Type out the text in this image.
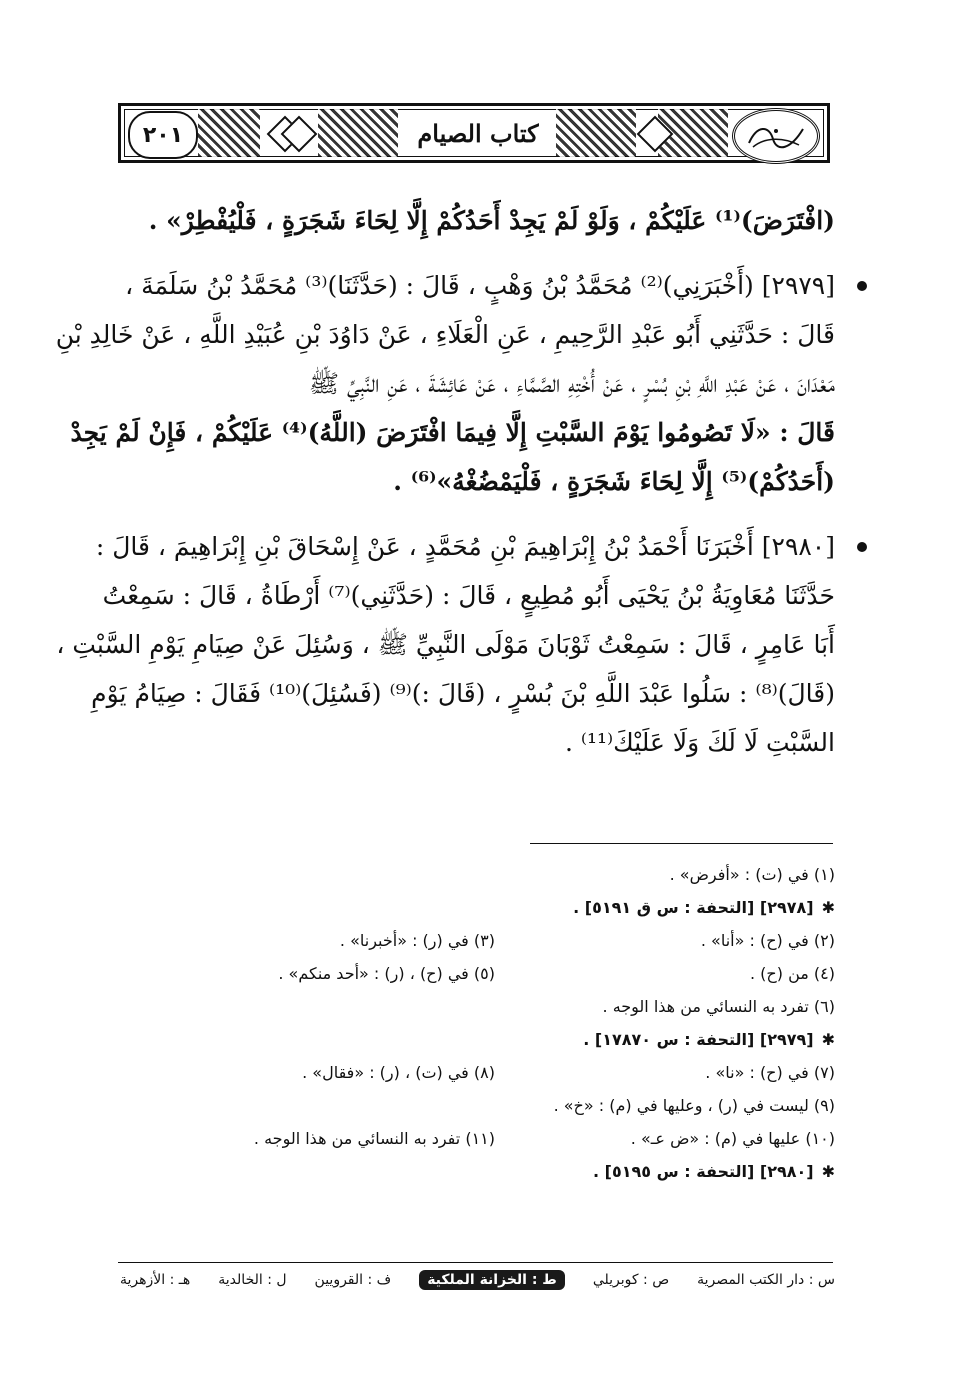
٢٠١	كتاب الصيام
(افْتَرَضَ)⁽¹⁾ عَلَيْكُمْ ، وَلَوْ لَمْ يَجِدْ أَحَدُكُمْ إِلَّا لِحَاءَ شَجَرَةٍ ، فَلْيُفْطِرْ» .
[٢٩٧٩] (أَخْبَرَنِي)⁽²⁾ مُحَمَّدُ بْنُ وَهْبٍ ، قَالَ : (حَدَّثَنَا)⁽³⁾ مُحَمَّدُ بْنُ سَلَمَةَ ،
قَالَ : حَدَّثَنِي أَبُو عَبْدِ الرَّحِيمِ ، عَنِ الْعَلَاءِ ، عَنْ دَاوُدَ بْنِ عُبَيْدِ اللَّهِ ، عَنْ خَالِدِ بْنِ
مَعْدَانَ ، عَنْ عَبْدِ اللَّهِ بْنِ بُسْرٍ ، عَنْ أُخْتِهِ الصَّمَّاءِ ، عَنْ عَائِشَةَ ، عَنِ النَّبِيِّ ﷺ
قَالَ : «لَا تَصُومُوا يَوْمَ السَّبْتِ إِلَّا فِيمَا افْتَرَضَ (اللَّهُ)⁽⁴⁾ عَلَيْكُمْ ، فَإِنْ لَمْ يَجِدْ
(أَحَدُكُمْ)⁽⁵⁾ إِلَّا لِحَاءَ شَجَرَةٍ ، فَلْيَمْضُغْهُ»⁽⁶⁾ .
[٢٩٨٠] أَخْبَرَنَا أَحْمَدُ بْنُ إِبْرَاهِيمَ بْنِ مُحَمَّدٍ ، عَنْ إِسْحَاقَ بْنِ إِبْرَاهِيمَ ، قَالَ :
حَدَّثَنَا مُعَاوِيَةُ بْنُ يَحْيَى أَبُو مُطِيعٍ ، قَالَ : (حَدَّثَنِي)⁽⁷⁾ أَرْطَاةُ ، قَالَ : سَمِعْتُ
أَبَا عَامِرٍ ، قَالَ : سَمِعْتُ ثَوْبَانَ مَوْلَى النَّبِيِّ ﷺ ، وَسُئِلَ عَنْ صِيَامِ يَوْمِ السَّبْتِ ،
(قَالَ)⁽⁸⁾ : سَلُوا عَبْدَ اللَّهِ بْنَ بُسْرٍ ، (قَالَ :)⁽⁹⁾ (فَسُئِلَ)⁽¹⁰⁾ فَقَالَ : صِيَامُ يَوْمِ
السَّبْتِ لَا لَكَ وَلَا عَلَيْكَ⁽¹¹⁾ .
(١) في (ت) : «أفرض» .
✱
[٢٩٧٨] [التحفة : س ق ٥١٩١] .
(٢) في (ح) : «أنا» .
(٣) في (ر) : «أخبرنا» .
(٤) من (ح) .
(٥) في (ح) ، (ر) : «أحد منكم» .
(٦) تفرد به النسائي من هذا الوجه .
✱
[٢٩٧٩] [التحفة : س ١٧٨٧٠] .
(٧) في (ح) : «نا» .
(٨) في (ت) ، (ر) : «فقال» .
(٩) ليست في (ر) ، وعليها في (م) : «خ» .
(١٠) عليها في (م) : «ض عـ» .
(١١) تفرد به النسائي من هذا الوجه .
✱
[٢٩٨٠] [التحفة : س ٥١٩٥] .
س : دار الكتب المصرية
ص : كوبريلي
ط : الخزانة الملكية
ف : القرويين
ل : الخالدية
هـ : الأزهرية
